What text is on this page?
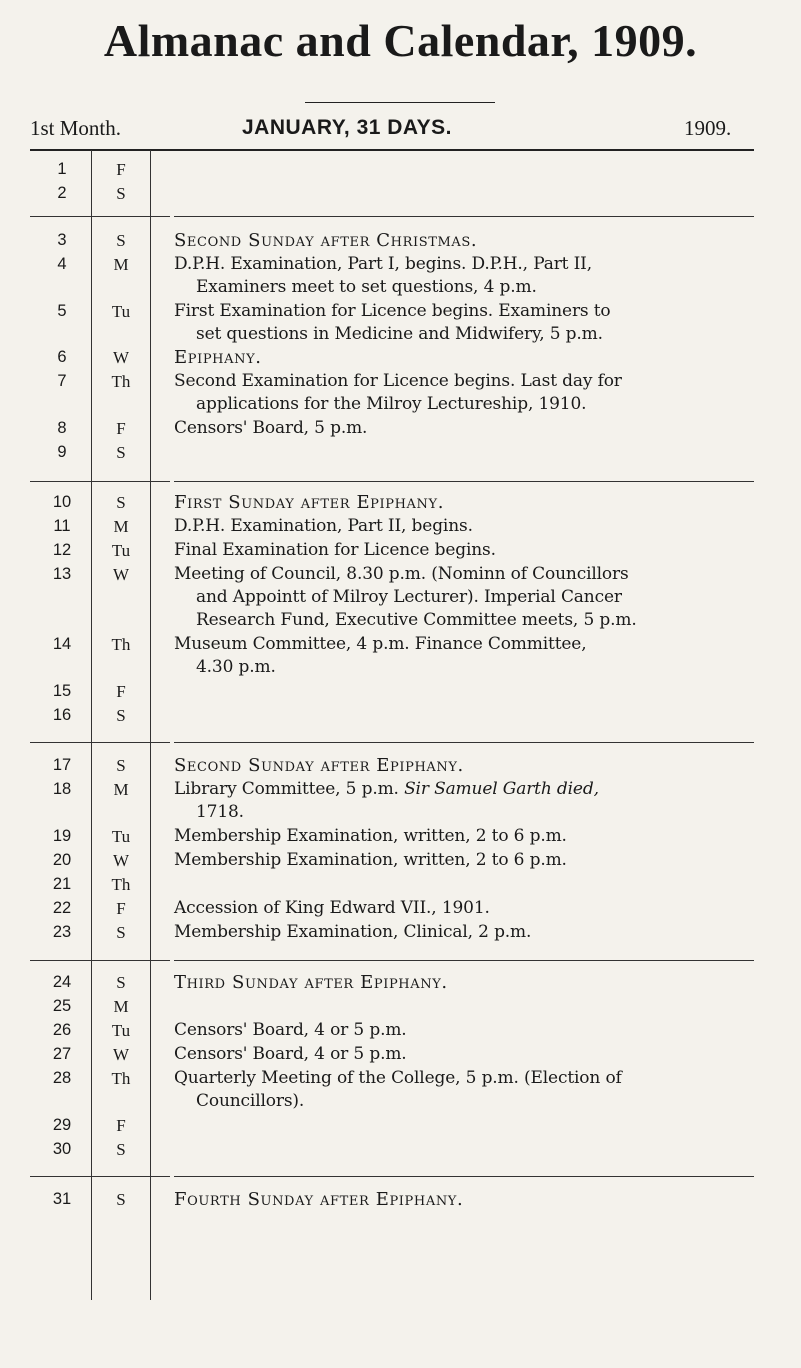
Almanac and Calendar, 1909.
1st Month.	JANUARY, 31 DAYS.	1909.
1	F
2	S
3	S	Second Sunday after Christmas.
4	M	D.P.H. Examination, Part I, begins. D.P.H., Part II,
Examiners meet to set questions, 4 p.m.
5	Tu	First Examination for Licence begins. Examiners to
set questions in Medicine and Midwifery, 5 p.m.
6	W	Epiphany.
7	Th	Second Examination for Licence begins. Last day for
applications for the Milroy Lectureship, 1910.
8	F	Censors' Board, 5 p.m.
9	S
10	S	First Sunday after Epiphany.
11	M	D.P.H. Examination, Part II, begins.
12	Tu	Final Examination for Licence begins.
13	W	Meeting of Council, 8.30 p.m. (Nominn of Councillors
and Appointt of Milroy Lecturer). Imperial Cancer
Research Fund, Executive Committee meets, 5 p.m.
14	Th	Museum Committee, 4 p.m. Finance Committee,
4.30 p.m.
15	F
16	S
17	S	Second Sunday after Epiphany.
18	M	Library Committee, 5 p.m. Sir Samuel Garth died,
1718.
19	Tu	Membership Examination, written, 2 to 6 p.m.
20	W	Membership Examination, written, 2 to 6 p.m.
21	Th
22	F	Accession of King Edward VII., 1901.
23	S	Membership Examination, Clinical, 2 p.m.
24	S	Third Sunday after Epiphany.
25	M
26	Tu	Censors' Board, 4 or 5 p.m.
27	W	Censors' Board, 4 or 5 p.m.
28	Th	Quarterly Meeting of the College, 5 p.m. (Election of
Councillors).
29	F
30	S
31	S	Fourth Sunday after Epiphany.
